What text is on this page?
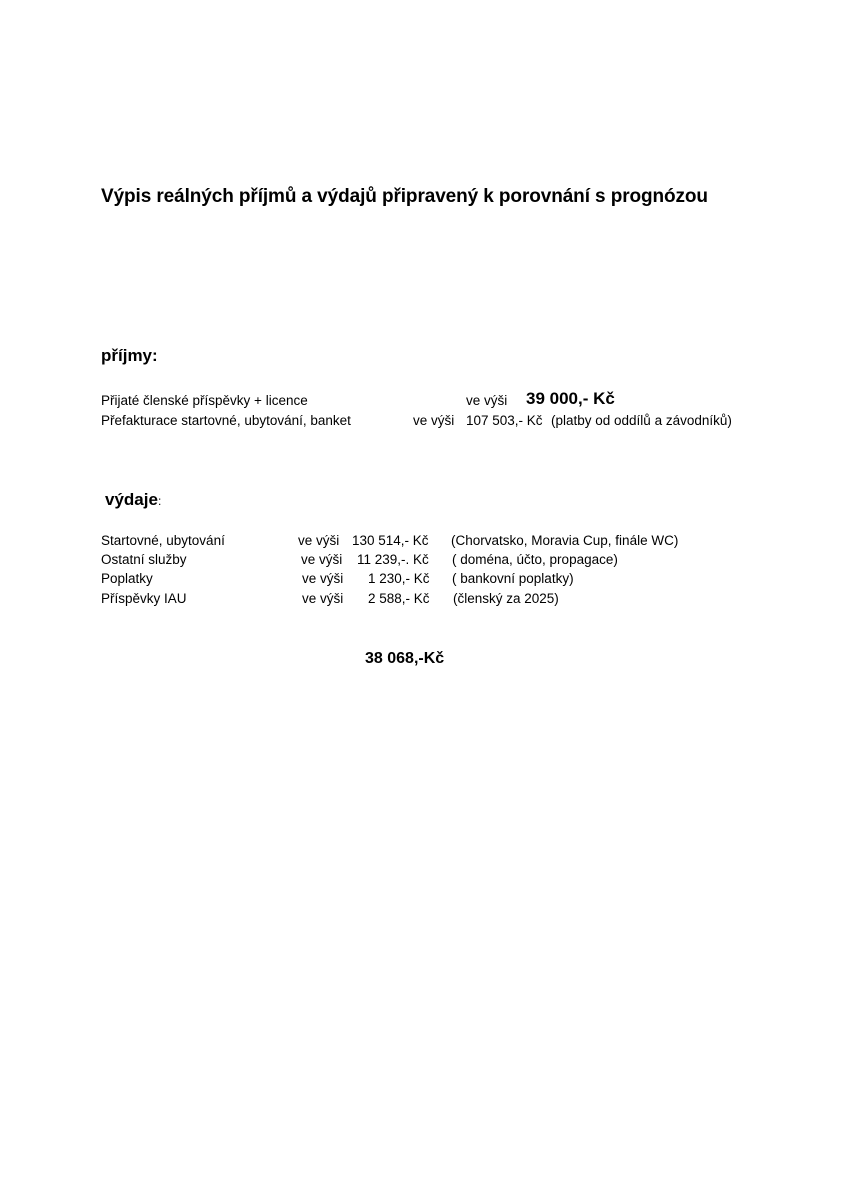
Výpis reálných příjmů a výdajů připravený k porovnání s prognózou
příjmy:
Přijaté členské příspěvky + licence	ve výši 39 000,- Kč
Přefakturace startovné, ubytování, banket	ve výši 107 503,- Kč (platby od oddílů a závodníků)
výdaje:
Startovné, ubytování	ve výši 130 514,- Kč (Chorvatsko, Moravia Cup, finále WC)
Ostatní služby	ve výši 11 239,-. Kč ( doména, účto, propagace)
Poplatky	ve výši 1 230,- Kč ( bankovní poplatky)
Příspěvky IAU	ve výši 2 588,- Kč (členský za 2025)
38 068,-Kč
